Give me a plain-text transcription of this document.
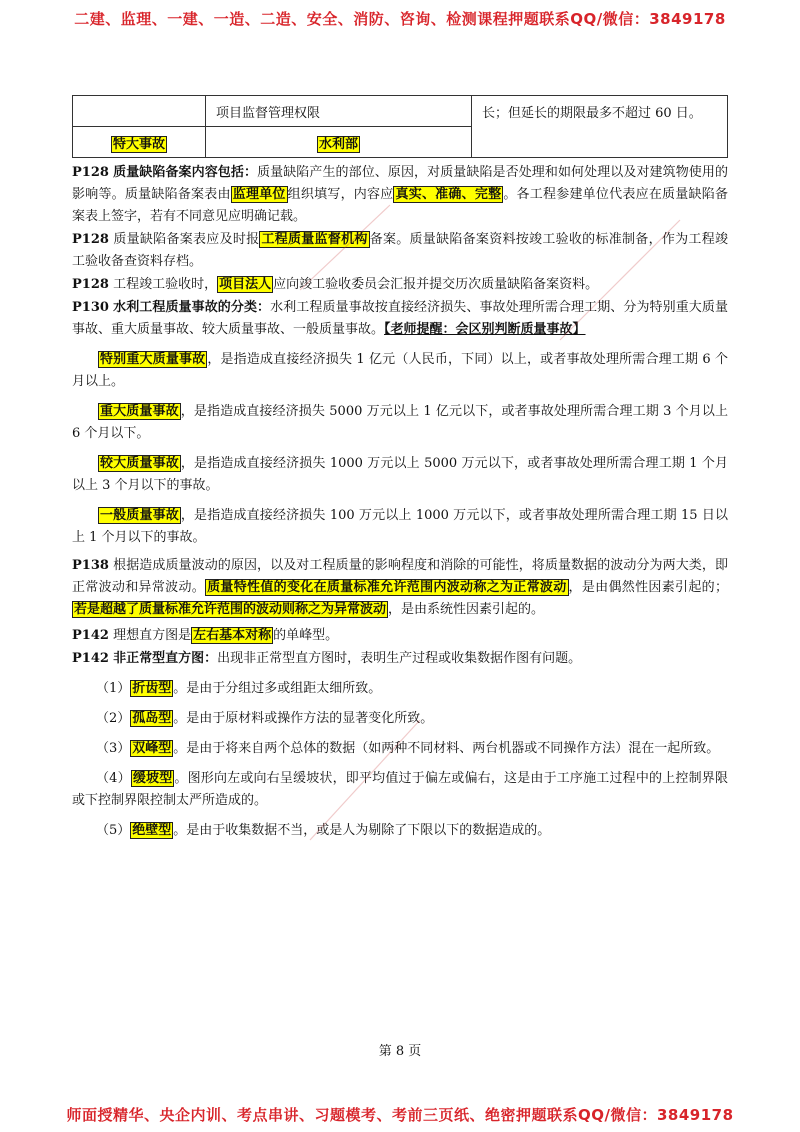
二建、监理、一建、一造、二造、安全、消防、咨询、检测课程押题联系QQ/微信：3849178
	项目监督管理权限	长；但延长的期限最多不超过 60 日。
特大事故	水利部	

P128 质量缺陷备案内容包括：质量缺陷产生的部位、原因，对质量缺陷是否处理和如何处理以及对建筑物使用的影响等。质量缺陷备案表由 监理单位 组织填写，内容应 真实、准确、完整 。各工程参建单位代表应在质量缺陷备案表上签字，若有不同意见应明确记载。

P128 质量缺陷备案表应及时报 工程质量监督机构 备案。质量缺陷备案资料按竣工验收的标准制备，作为工程竣工验收备查资料存档。

P128 工程竣工验收时， 项目法人 应向竣工验收委员会汇报并提交历次质量缺陷备案资料。

P130 水利工程质量事故的分类：水利工程质量事故按直接经济损失、事故处理所需合理工期、分为特别重大质量事故、重大质量事故、较大质量事故、一般质量事故。【老师提醒：会区别判断质量事故】

特别重大质量事故 ，是指造成直接经济损失 1 亿元（人民币，下同）以上，或者事故处理所需合理工期 6 个月以上。

重大质量事故 ，是指造成直接经济损失 5000 万元以上 1 亿元以下，或者事故处理所需合理工期 3 个月以上 6 个月以下。

较大质量事故 ，是指造成直接经济损失 1000 万元以上 5000 万元以下，或者事故处理所需合理工期 1 个月以上 3 个月以下的事故。

一般质量事故 ，是指造成直接经济损失 100 万元以上 1000 万元以下，或者事故处理所需合理工期 15 日以上 1 个月以下的事故。

P138 根据造成质量波动的原因，以及对工程质量的影响程度和消除的可能性，将质量数据的波动分为两大类，即正常波动和异常波动。 质量特性值的变化在质量标准允许范围内波动称之为正常波动 ，是由偶然性因素引起的；若是超越了质量标准允许范围的波动则称之为异常波动 ，是由系统性因素引起的。

P142 理想直方图是 左右基本对称 的单峰型。

P142 非正常型直方图：出现非正常型直方图时，表明生产过程或收集数据作图有问题。

（1） 折齿型 。是由于分组过多或组距太细所致。

（2） 孤岛型 。是由于原材料或操作方法的显著变化所致。

（3） 双峰型 。是由于将来自两个总体的数据（如两种不同材料、两台机器或不同操作方法）混在一起所致。

（4） 缓坡型 。图形向左或向右呈缓坡状，即平均值过于偏左或偏右，这是由于工序施工过程中的上控制界限或下控制界限控制太严所造成的。

（5） 绝壁型 。是由于收集数据不当，或是人为剔除了下限以下的数据造成的。

第 8 页
师面授精华、央企内训、考点串讲、习题模考、考前三页纸、绝密押题联系QQ/微信：3849178
